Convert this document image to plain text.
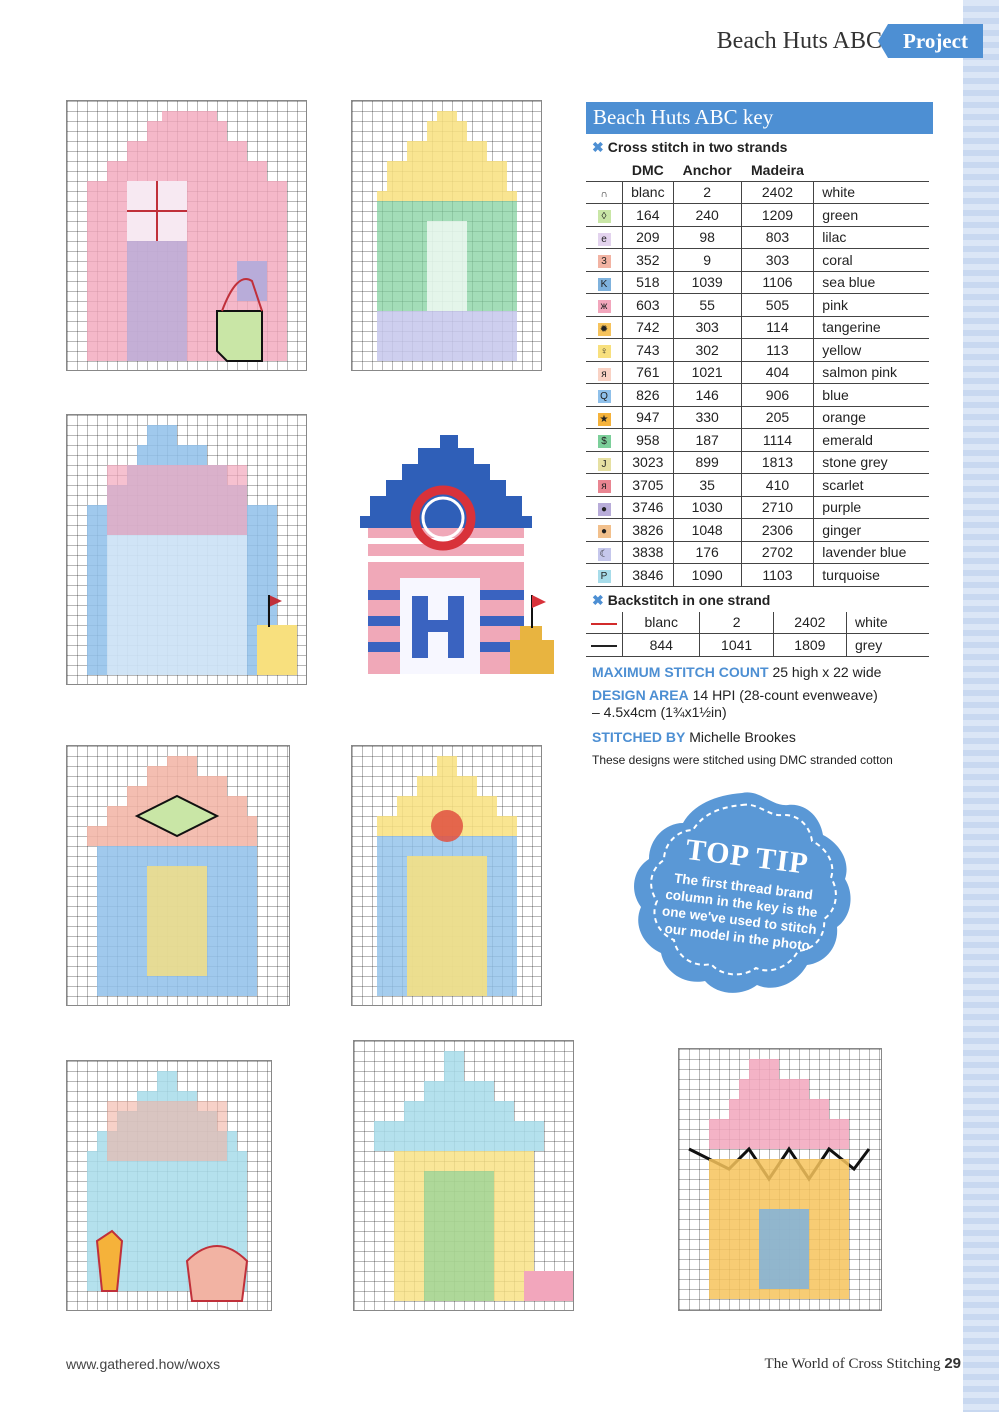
Beach Huts ABC	Project
Beach Huts ABC key
✖ Cross stitch in two strands
	DMC	Anchor	Madeira	
∩	blanc	2	2402	white
◊	164	240	1209	green
e	209	98	803	lilac
3	352	9	303	coral
K	518	1039	1106	sea blue
ж	603	55	505	pink
✹	742	303	114	tangerine
♀	743	302	113	yellow
я	761	1021	404	salmon pink
Q	826	146	906	blue
★	947	330	205	orange
$	958	187	1114	emerald
J	3023	899	1813	stone grey
я	3705	35	410	scarlet
●	3746	1030	2710	purple
●	3826	1048	2306	ginger
☾	3838	176	2702	lavender blue
P	3846	1090	1103	turquoise
✖ Backstitch in one strand
	blanc	2	2402	white
	844	1041	1809	grey

MAXIMUM STITCH COUNT 25 high x 22 wide

DESIGN AREA 14 HPI (28-count evenweave)
– 4.5x4cm (1¾x1½in)

STITCHED BY Michelle Brookes

These designs were stitched using DMC stranded cotton

TOP TIP
The first thread brand column in the key is the one we've used to stitch our model in the photo
www.gathered.how/woxs	The World of Cross Stitching 29
